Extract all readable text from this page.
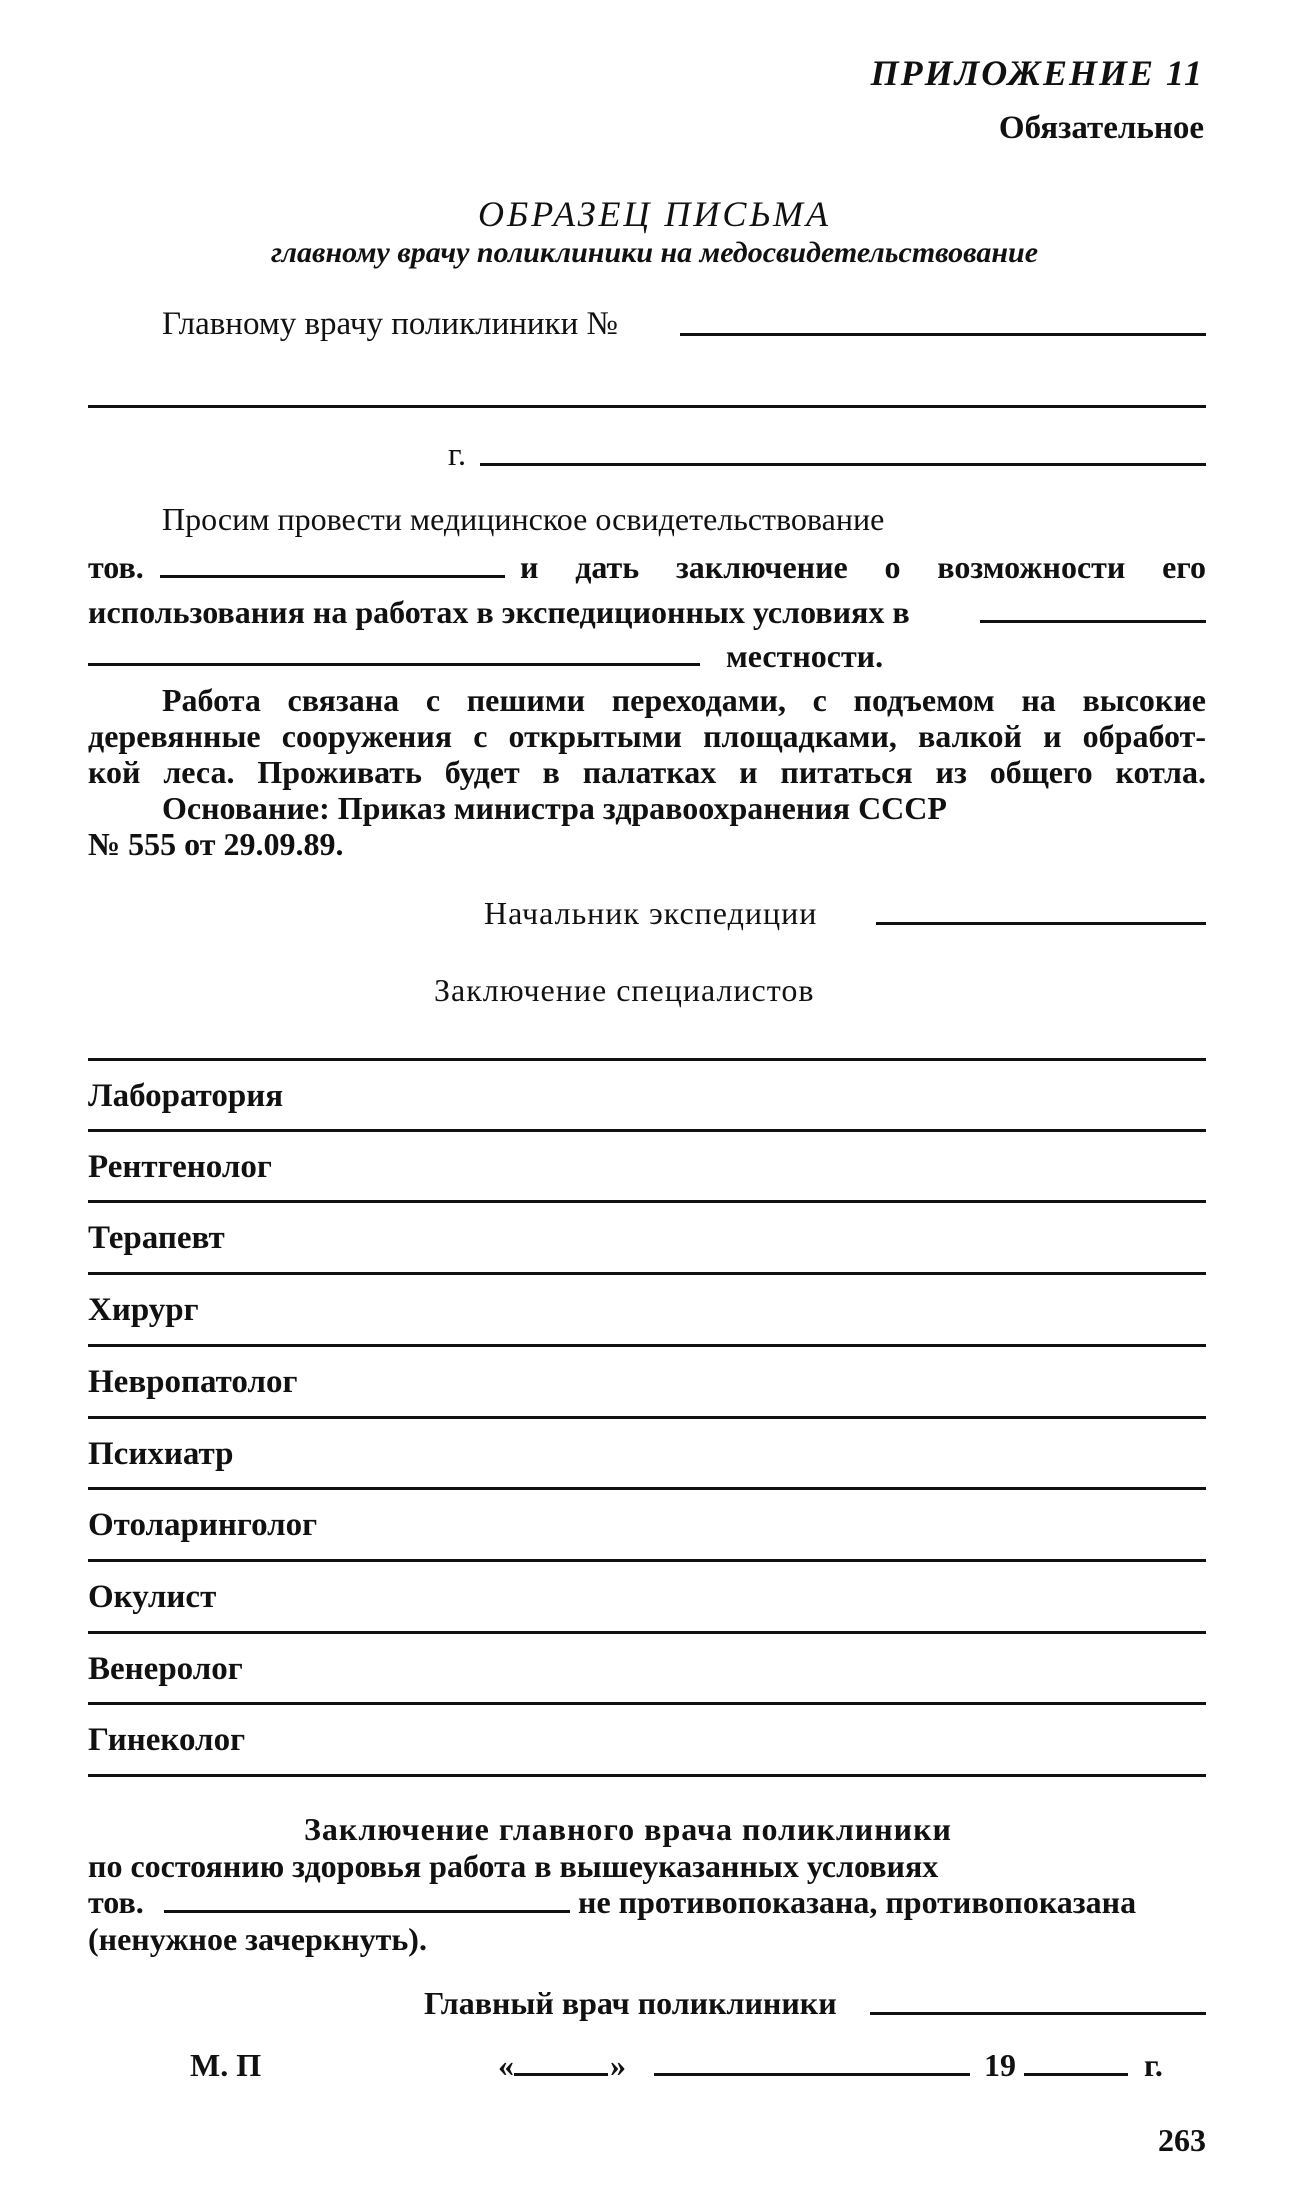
ПРИЛОЖЕНИЕ 11
Обязательное
ОБРАЗЕЦ ПИСЬМА
главному врачу поликлиники на медосвидетельствование
Главному врачу поликлиники №
г.
Просим провести медицинское освидетельствование
тов.	и дать заключение о возможности его
использования на работах в экспедиционных условиях в
местности.
Работа связана с пешими переходами, с подъемом на высокие
деревянные сооружения с открытыми площадками, валкой и обработ-
кой леса. Проживать будет в палатках и питаться из общего котла.
Основание: Приказ министра здравоохранения СССР
№ 555 от 29.09.89.
Начальник экспедиции
Заключение специалистов
Лаборатория
Рентгенолог
Терапевт
Хирург
Невропатолог
Психиатр
Отоларинголог
Окулист
Венеролог
Гинеколог
Заключение главного врача поликлиники
по состоянию здоровья работа в вышеуказанных условиях
тов.	не противопоказана, противопоказана
(ненужное зачеркнуть).
Главный врач поликлиники
М. П	«	»	19	г.
263
